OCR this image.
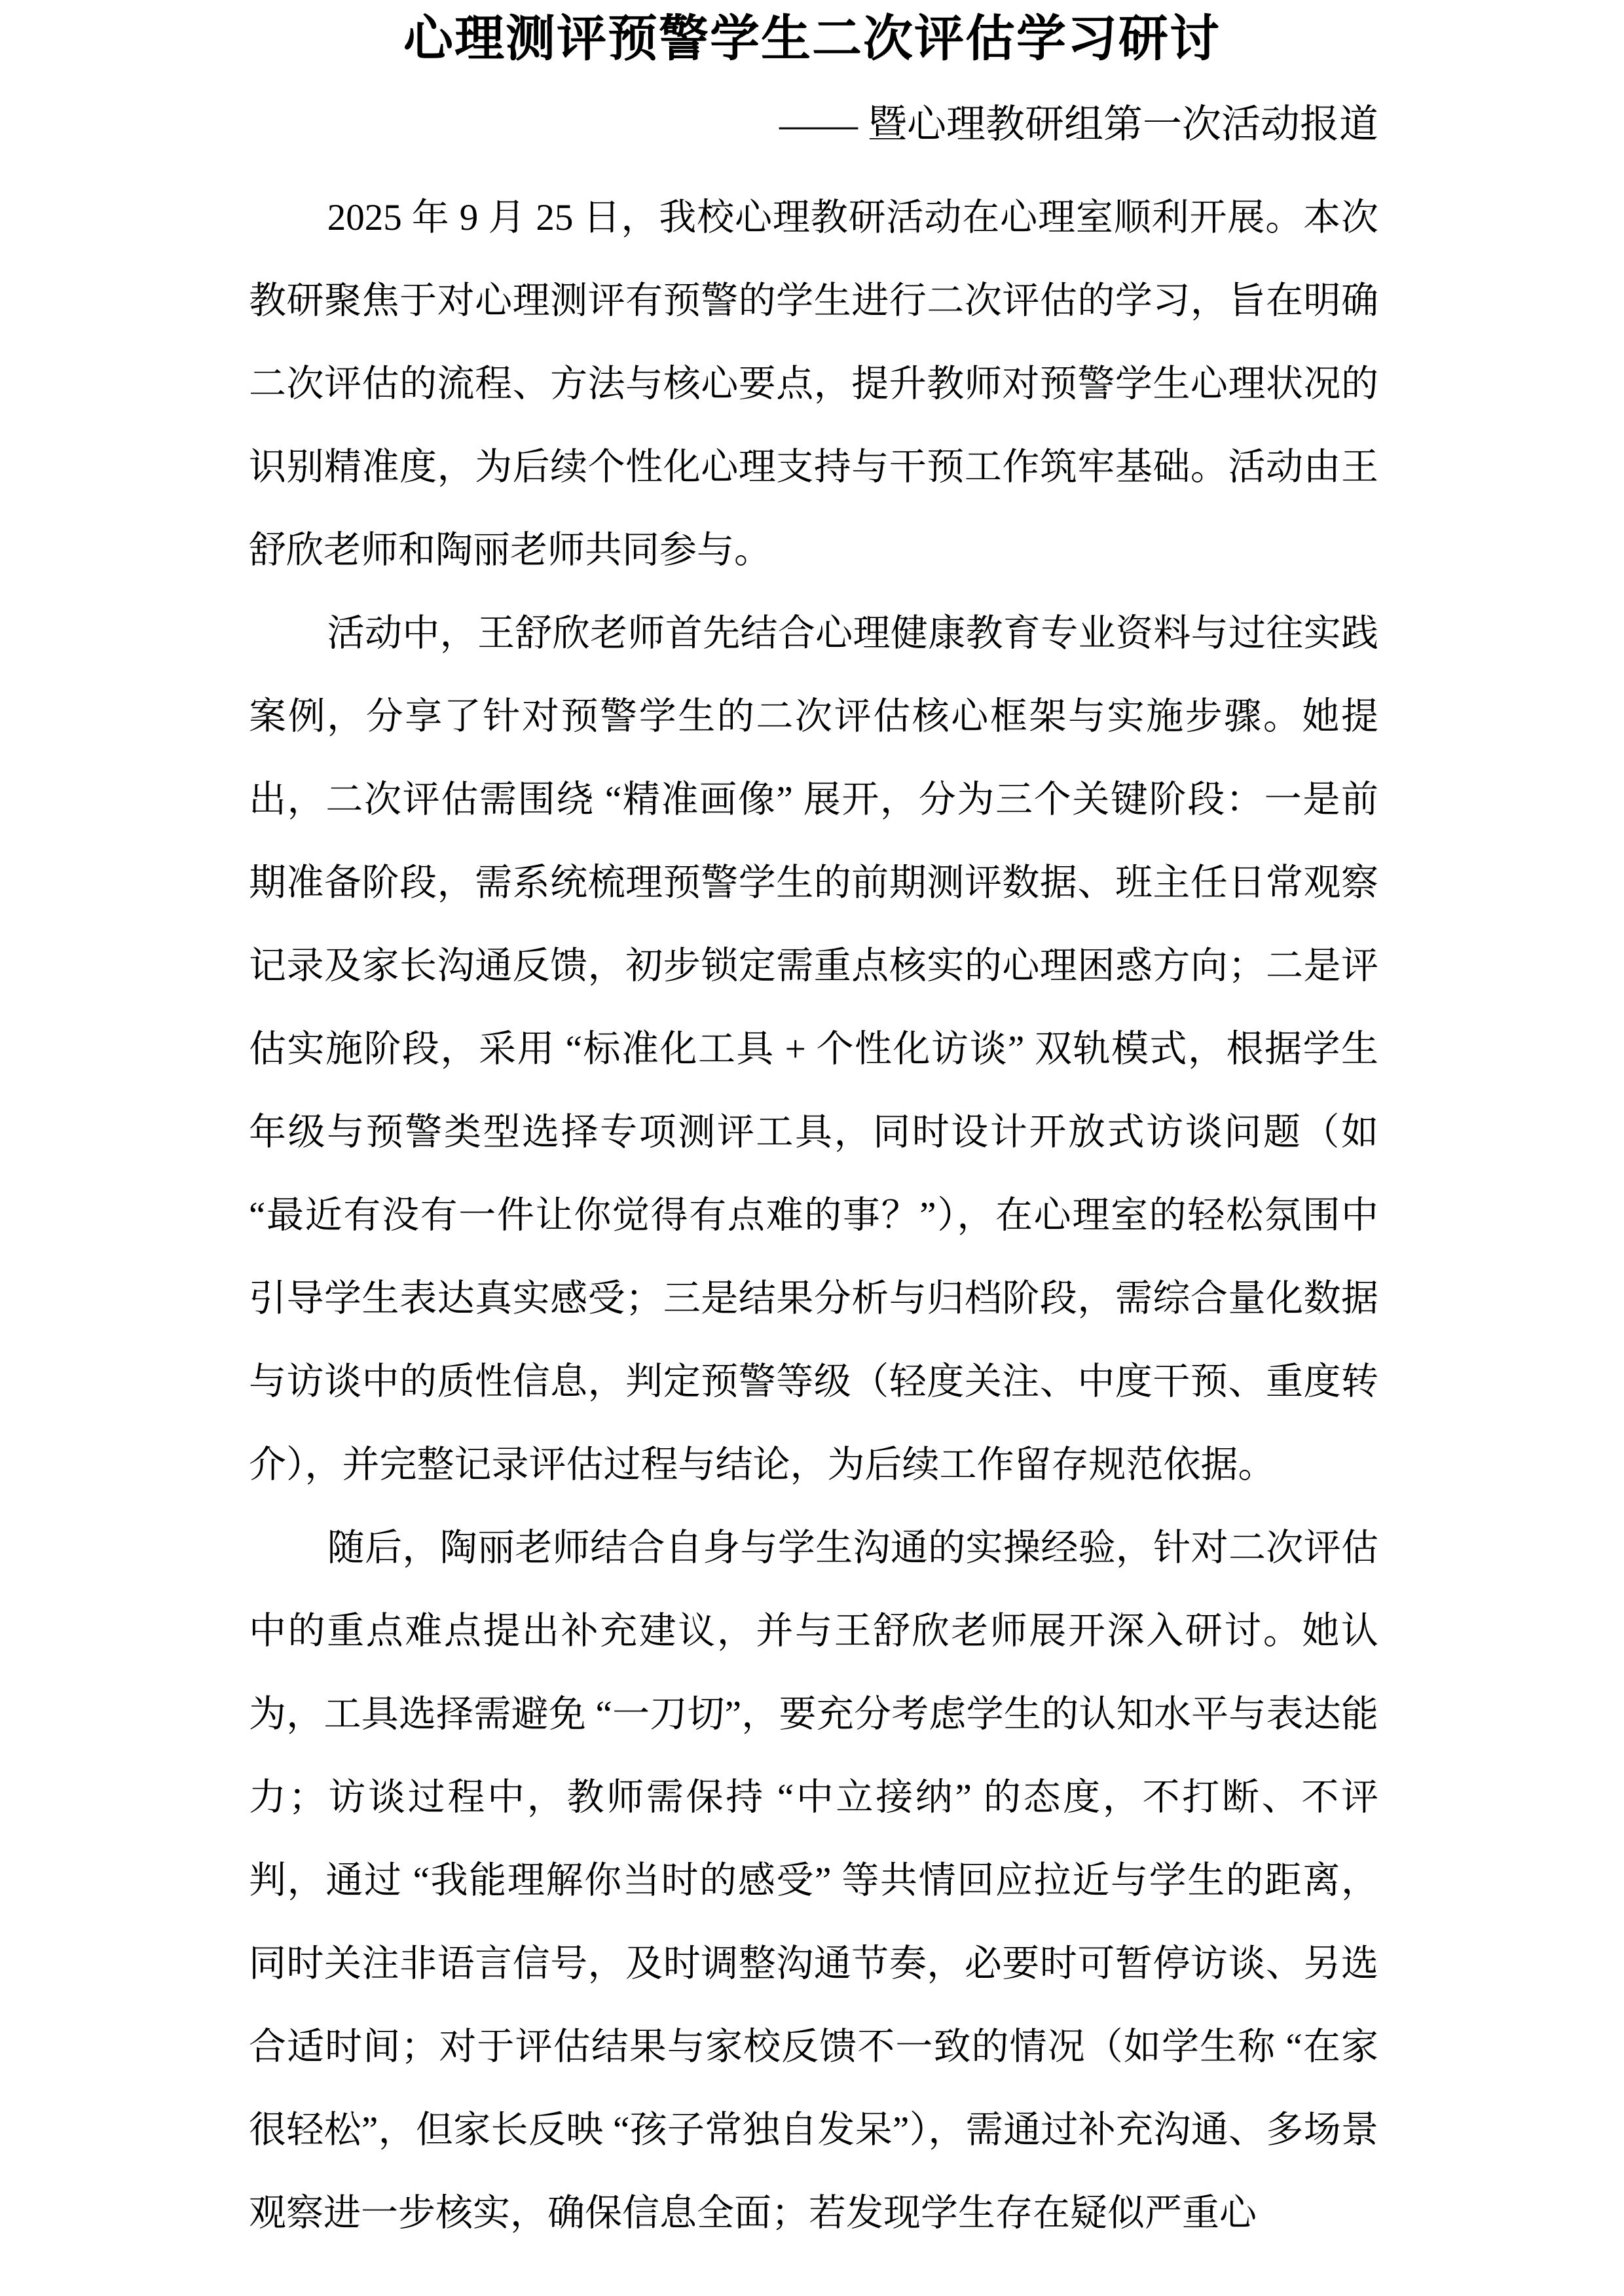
心理测评预警学生二次评估学习研讨
—— 暨心理教研组第一次活动报道

2025 年 9 月 25 日，我校心理教研活动在心理室顺利开展。本次教研聚焦于对心理测评有预警的学生进行二次评估的学习，旨在明确二次评估的流程、方法与核心要点，提升教师对预警学生心理状况的识别精准度，为后续个性化心理支持与干预工作筑牢基础。活动由王舒欣老师和陶丽老师共同参与。

活动中，王舒欣老师首先结合心理健康教育专业资料与过往实践案例，分享了针对预警学生的二次评估核心框架与实施步骤。她提出，二次评估需围绕 “精准画像” 展开，分为三个关键阶段：一是前期准备阶段，需系统梳理预警学生的前期测评数据、班主任日常观察记录及家长沟通反馈，初步锁定需重点核实的心理困惑方向；二是评估实施阶段，采用 “标准化工具 + 个性化访谈” 双轨模式，根据学生年级与预警类型选择专项测评工具，同时设计开放式访谈问题（如 “最近有没有一件让你觉得有点难的事？”），在心理室的轻松氛围中引导学生表达真实感受；三是结果分析与归档阶段，需综合量化数据与访谈中的质性信息，判定预警等级（轻度关注、中度干预、重度转介），并完整记录评估过程与结论，为后续工作留存规范依据。

随后，陶丽老师结合自身与学生沟通的实操经验，针对二次评估中的重点难点提出补充建议，并与王舒欣老师展开深入研讨。她认为，工具选择需避免 “一刀切”，要充分考虑学生的认知水平与表达能力；访谈过程中，教师需保持 “中立接纳” 的态度，不打断、不评判，通过 “我能理解你当时的感受” 等共情回应拉近与学生的距离，同时关注非语言信号，及时调整沟通节奏，必要时可暂停访谈、另选合适时间；对于评估结果与家校反馈不一致的情况（如学生称 “在家很轻松”，但家长反映 “孩子常独自发呆”），需通过补充沟通、多场景观察进一步核实，确保信息全面；若发现学生存在疑似严重心
